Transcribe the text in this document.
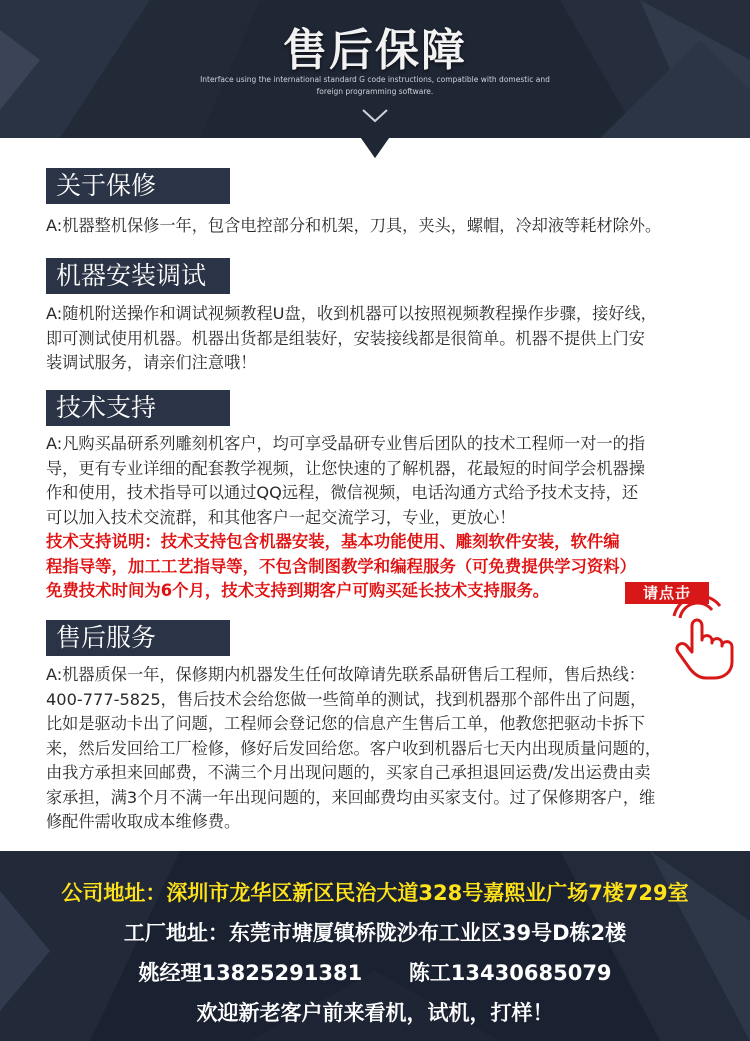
售后保障
Interface using the international standard G code instructions, compatible with domestic and
foreign programming software.
关于保修
A:机器整机保修一年，包含电控部分和机架，刀具，夹头，螺帽，冷却液等耗材除外。
机器安装调试
A:随机附送操作和调试视频教程U盘，收到机器可以按照视频教程操作步骤，接好线，
即可测试使用机器。机器出货都是组装好，安装接线都是很简单。机器不提供上门安
装调试服务，请亲们注意哦！
技术支持
A:凡购买晶研系列雕刻机客户，均可享受晶研专业售后团队的技术工程师一对一的指
导，更有专业详细的配套教学视频，让您快速的了解机器，花最短的时间学会机器操
作和使用，技术指导可以通过QQ远程，微信视频，电话沟通方式给予技术支持，还
可以加入技术交流群，和其他客户一起交流学习，专业，更放心！
技术支持说明：技术支持包含机器安装，基本功能使用、雕刻软件安装，软件编
程指导等，加工工艺指导等，不包含制图教学和编程服务（可免费提供学习资料）
免费技术时间为6个月，技术支持到期客户可购买延长技术支持服务。	请点击
售后服务
A:机器质保一年，保修期内机器发生任何故障请先联系晶研售后工程师，售后热线：
400-777-5825，售后技术会给您做一些简单的测试，找到机器那个部件出了问题，
比如是驱动卡出了问题，工程师会登记您的信息产生售后工单，他教您把驱动卡拆下
来，然后发回给工厂检修，修好后发回给您。客户收到机器后七天内出现质量问题的，
由我方承担来回邮费，不满三个月出现问题的，买家自己承担退回运费/发出运费由卖
家承担，满3个月不满一年出现问题的，来回邮费均由买家支付。过了保修期客户，维
修配件需收取成本维修费。
公司地址：深圳市龙华区新区民治大道328号嘉熙业广场7楼729室
工厂地址：东莞市塘厦镇桥陇沙布工业区39号D栋2楼
姚经理13825291381 陈工13430685079
欢迎新老客户前来看机，试机，打样！
